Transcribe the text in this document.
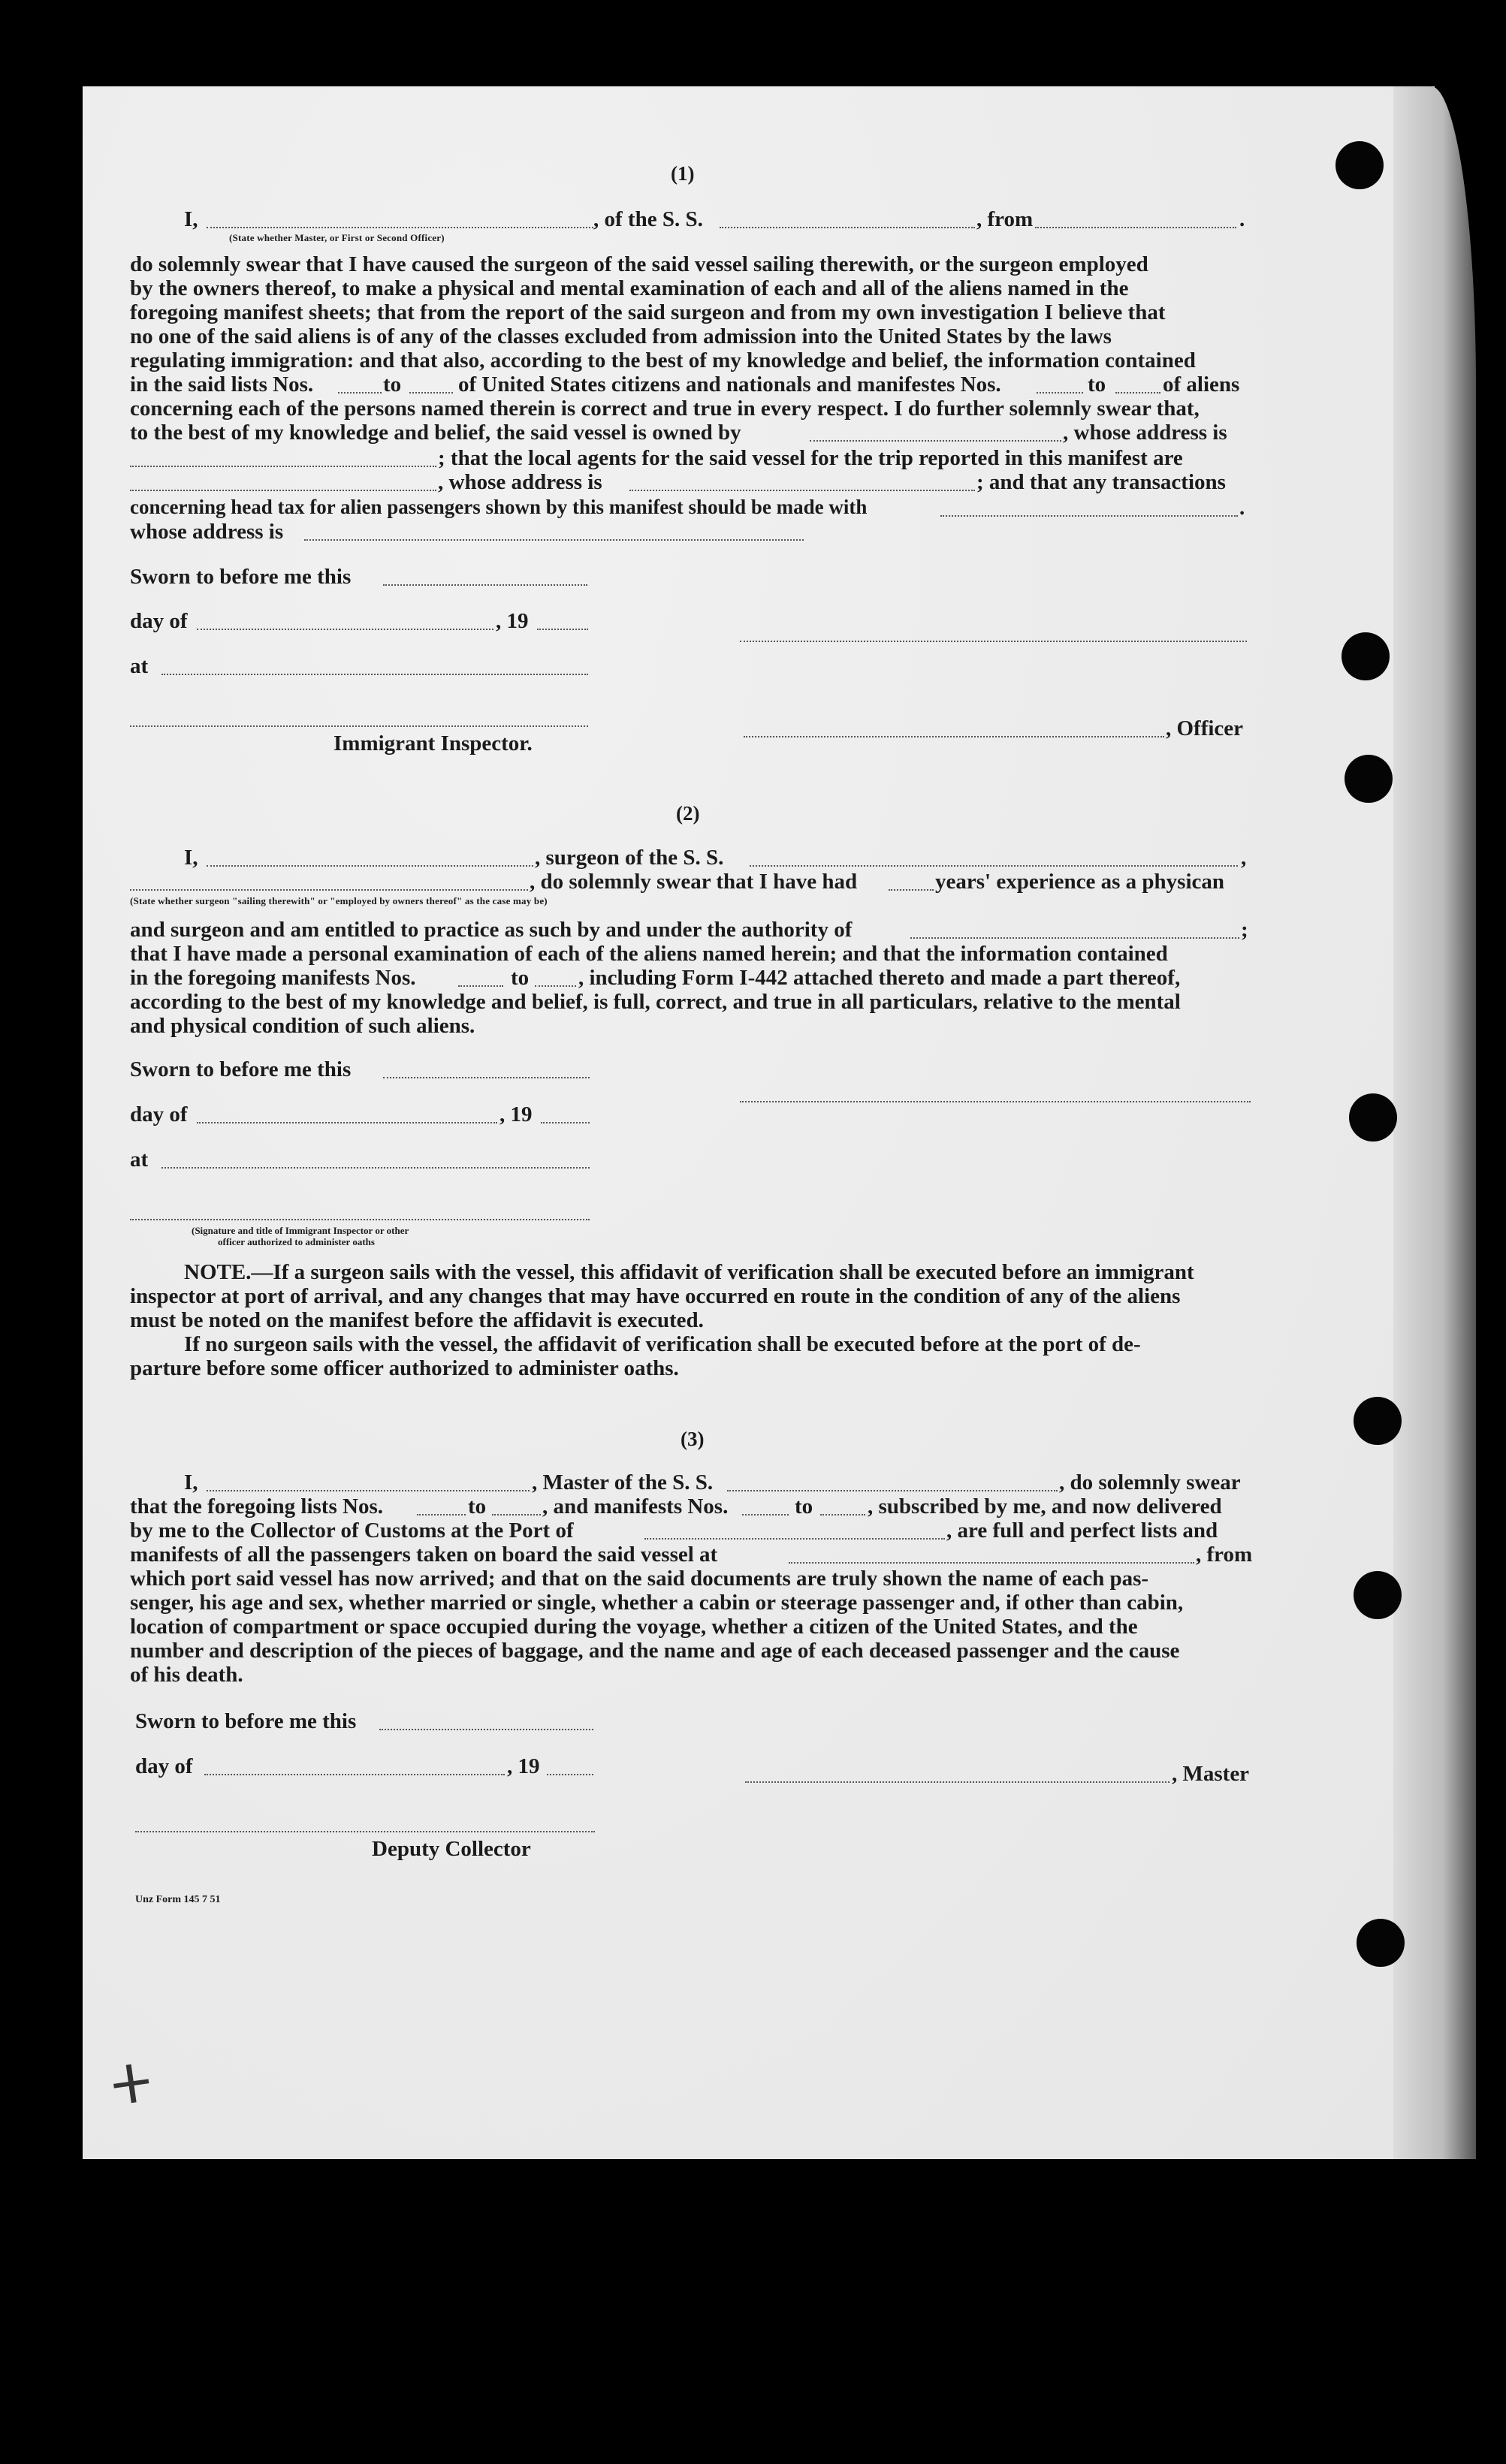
(1)
I,	, of the S. S.	, from	.
(State whether Master, or First or Second Officer)
do solemnly swear that I have caused the surgeon of the said vessel sailing therewith, or the surgeon employed
by the owners thereof, to make a physical and mental examination of each and all of the aliens named in the
foregoing manifest sheets; that from the report of the said surgeon and from my own investigation I believe that
no one of the said aliens is of any of the classes excluded from admission into the United States by the laws
regulating immigration: and that also, according to the best of my knowledge and belief, the information contained
in the said lists Nos.	to	of United States citizens and nationals and manifestes Nos.	to	of aliens
concerning each of the persons named therein is correct and true in every respect. I do further solemnly swear that,
to the best of my knowledge and belief, the said vessel is owned by	, whose address is
; that the local agents for the said vessel for the trip reported in this manifest are
, whose address is	; and that any transactions
concerning head tax for alien passengers shown by this manifest should be made with	.
whose address is
Sworn to before me this
day of	, 19
at
, Officer
Immigrant Inspector.
(2)
I,	, surgeon of the S. S.	,
, do solemnly swear that I have had	years' experience as a physican
(State whether surgeon "sailing therewith" or "employed by owners thereof" as the case may be)
and surgeon and am entitled to practice as such by and under the authority of	;
that I have made a personal examination of each of the aliens named herein; and that the information contained
in the foregoing manifests Nos.	to , including Form I-442 attached thereto and made a part thereof,
according to the best of my knowledge and belief, is full, correct, and true in all particulars, relative to the mental
and physical condition of such aliens.
Sworn to before me this
day of	, 19
at
(Signature and title of Immigrant Inspector or other
officer authorized to administer oaths
NOTE.—If a surgeon sails with the vessel, this affidavit of verification shall be executed before an immigrant
inspector at port of arrival, and any changes that may have occurred en route in the condition of any of the aliens
must be noted on the manifest before the affidavit is executed.
If no surgeon sails with the vessel, the affidavit of verification shall be executed before at the port of de-
parture before some officer authorized to administer oaths.
(3)
I,	, Master of the S. S.	, do solemnly swear
that the foregoing lists Nos.	to	, and manifests Nos.	to	, subscribed by me, and now delivered
by me to the Collector of Customs at the Port of	, are full and perfect lists and
manifests of all the passengers taken on board the said vessel at	, from
which port said vessel has now arrived; and that on the said documents are truly shown the name of each pas-
senger, his age and sex, whether married or single, whether a cabin or steerage passenger and, if other than cabin,
location of compartment or space occupied during the voyage, whether a citizen of the United States, and the
number and description of the pieces of baggage, and the name and age of each deceased passenger and the cause
of his death.
Sworn to before me this
day of	, 19	, Master
Deputy Collector
Unz Form 145 7 51
ⵜ
